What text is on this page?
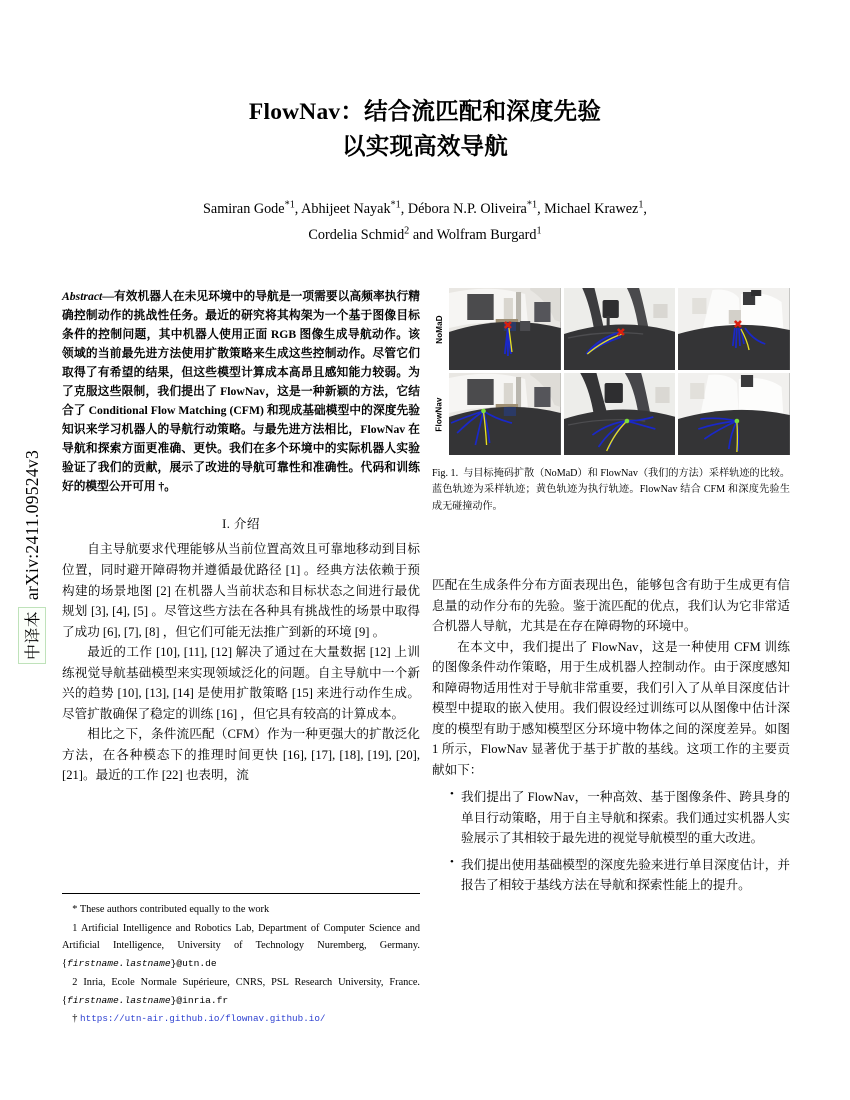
arXiv:2411.09524v3
中译本
FlowNav：结合流匹配和深度先验
以实现高效导航
Samiran Gode$^{*1}$, Abhijeet Nayak$^{*1}$, Débora N.P. Oliveira$^{*1}$, Michael Krawez$^1$,
Cordelia Schmid$^2$ and Wolfram Burgard$^1$
Abstract—有效机器人在未见环境中的导航是一项需要以高频率执行精确控制动作的挑战性任务。最近的研究将其构架为一个基于图像目标条件的控制问题，其中机器人使用正面 RGB 图像生成导航动作。该领域的当前最先进方法使用扩散策略来生成这些控制动作。尽管它们取得了有希望的结果，但这些模型计算成本高昂且感知能力较弱。为了克服这些限制，我们提出了 FlowNav，这是一种新颖的方法，它结合了 Conditional Flow Matching (CFM) 和现成基础模型中的深度先验知识来学习机器人的导航行动策略。与最先进方法相比，FlowNav 在导航和探索方面更准确、更快。我们在多个环境中的实际机器人实验验证了我们的贡献，展示了改进的导航可靠性和准确性。代码和训练好的模型公开可用 †。
I. 介绍

自主导航要求代理能够从当前位置高效且可靠地移动到目标位置，同时避开障碍物并遵循最优路径 [1] 。经典方法依赖于预构建的场景地图 [2] 在机器人当前状态和目标状态之间进行最优规划 [3], [4], [5] 。尽管这些方法在各种具有挑战性的场景中取得了成功 [6], [7], [8] ，但它们可能无法推广到新的环境 [9] 。

最近的工作 [10], [11], [12] 解决了通过在大量数据 [12] 上训练视觉导航基础模型来实现领域泛化的问题。自主导航中一个新兴的趋势 [10], [13], [14] 是使用扩散策略 [15] 来进行动作生成。尽管扩散确保了稳定的训练 [16] ，但它具有较高的计算成本。

相比之下，条件流匹配（CFM）作为一种更强大的扩散泛化方法，在各种模态下的推理时间更快 [16], [17], [18], [19], [20], [21]。最近的工作 [22] 也表明，流

* These authors contributed equally to the work

1 Artificial Intelligence and Robotics Lab, Department of Computer Science and Artificial Intelligence, University of Technology Nuremberg, Germany. {firstname.lastname}@utn.de

2 Inria, Ecole Normale Supérieure, CNRS, PSL Research University, France. {firstname.lastname}@inria.fr

† https://utn-air.github.io/flownav.github.io/

NoMaD
FlowNav
Fig. 1. 与目标掩码扩散（NoMaD）和 FlowNav（我们的方法）采样轨迹的比较。蓝色轨迹为采样轨迹；黄色轨迹为执行轨迹。FlowNav 结合 CFM 和深度先验生成无碰撞动作。

匹配在生成条件分布方面表现出色，能够包含有助于生成更有信息量的动作分布的先验。鉴于流匹配的优点，我们认为它非常适合机器人导航，尤其是在存在障碍物的环境中。

在本文中，我们提出了 FlowNav，这是一种使用 CFM 训练的图像条件动作策略，用于生成机器人控制动作。由于深度感知和障碍物适用性对于导航非常重要，我们引入了从单目深度估计模型中提取的嵌入使用。我们假设经过训练可以从图像中估计深度的模型有助于感知模型区分环境中物体之间的深度差异。如图 1 所示，FlowNav 显著优于基于扩散的基线。这项工作的主要贡献如下：

• 我们提出了 FlowNav，一种高效、基于图像条件、跨具身的单目行动策略，用于自主导航和探索。我们通过实机器人实验展示了其相较于最先进的视觉导航模型的重大改进。
• 我们提出使用基础模型的深度先验来进行单目深度估计，并报告了相较于基线方法在导航和探索性能上的提升。
